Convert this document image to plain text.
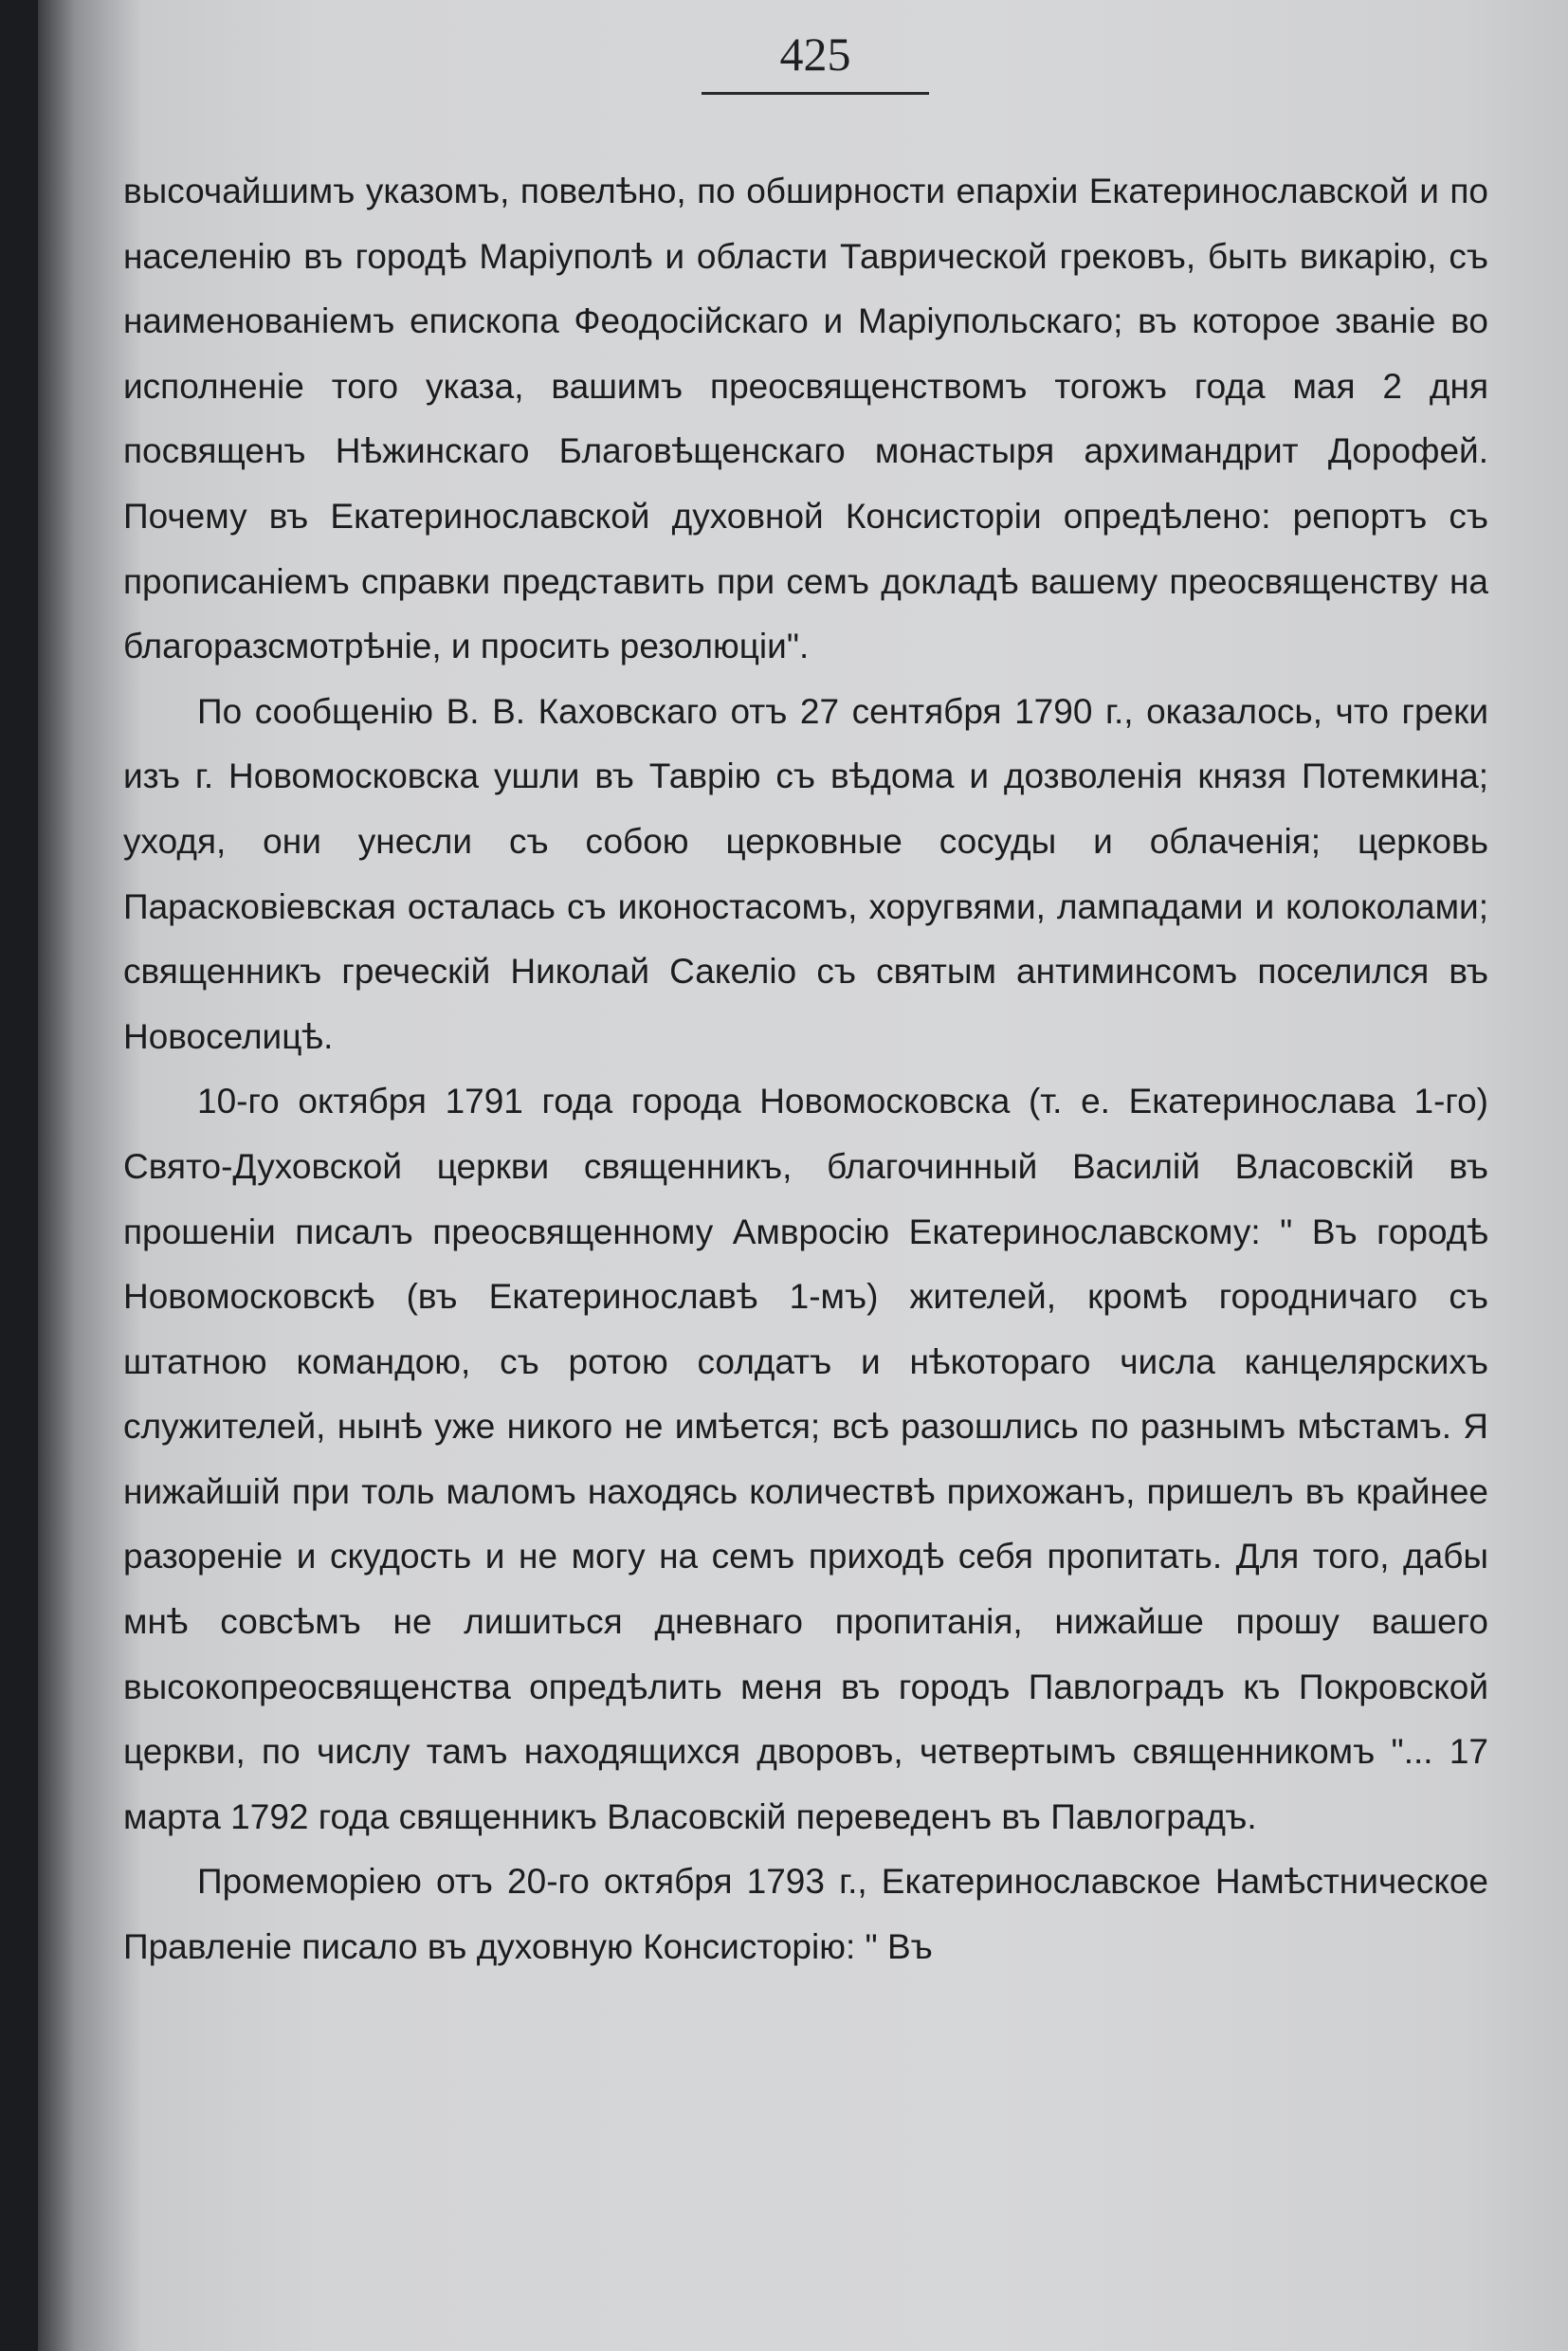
425

высочайшимъ указомъ, повелѣно, по обширности епархіи Екатеринославской и по населенію въ городѣ Маріуполѣ и области Таврической грековъ, быть викарію, съ наименованіемъ епископа Феодосійскаго и Маріупольскаго; въ которое званіе во исполненіе того указа, вашимъ преосвященствомъ тогожъ года мая 2 дня посвященъ Нѣжинскаго Благовѣщенскаго монастыря архимандрит Дорофей. Почему въ Екатеринославской духовной Консисторіи опредѣлено: репортъ съ прописаніемъ справки представить при семъ докладѣ вашему преосвященству на благоразсмотрѣніе, и просить резолюціи".

По сообщенію В. В. Каховскаго отъ 27 сентября 1790 г., оказалось, что греки изъ г. Новомосковска ушли въ Таврію съ вѣдома и дозволенія князя Потемкина; уходя, они унесли съ собою церковные сосуды и облаченія; церковь Парасковіевская осталась съ иконостасомъ, хоругвями, лампадами и колоколами; священникъ греческій Николай Сакеліо съ святым антиминсомъ поселился въ Новоселицѣ.

10-го октября 1791 года города Новомосковска (т. е. Екатеринослава 1-го) Свято-Духовской церкви священникъ, благочинный Василій Власовскій въ прошеніи писалъ преосвященному Амвросію Екатеринославскому: " Въ городѣ Новомосковскѣ (въ Екатеринославѣ 1-мъ) жителей, кромѣ городничаго съ штатною командою, съ ротою солдатъ и нѣкотораго числа канцелярскихъ служителей, нынѣ уже никого не имѣется; всѣ разошлись по разнымъ мѣстамъ. Я нижайшій при толь маломъ находясь количествѣ прихожанъ, пришелъ въ крайнее разореніе и скудость и не могу на семъ приходѣ себя пропитать. Для того, дабы мнѣ совсѣмъ не лишиться дневнаго пропитанія, нижайше прошу вашего высокопреосвященства опредѣлить меня въ городъ Павлоградъ къ Покровской церкви, по числу тамъ находящихся дворовъ, четвертымъ священникомъ "... 17 марта 1792 года священникъ Власовскій переведенъ въ Павлоградъ.

Промеморіею отъ 20-го октября 1793 г., Екатеринославское Намѣстническое Правленіе писало въ духовную Консисторію: " Въ
